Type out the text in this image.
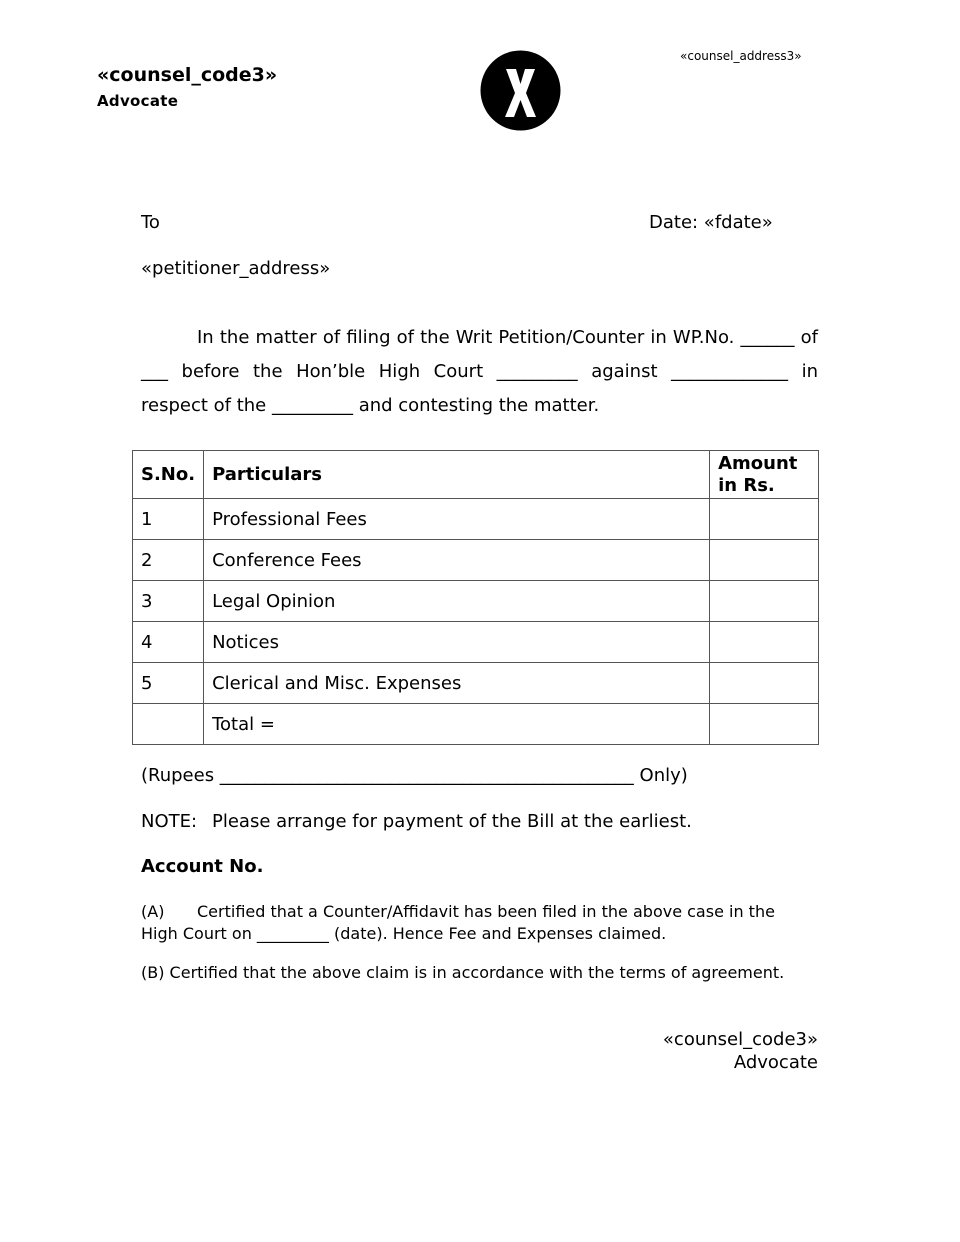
«counsel_code3»
Advocate
«counsel_address3»
To	Date: «fdate»
«petitioner_address»

In the matter of filing of the Writ Petition/Counter in WP.No. ______ of ___ before the Hon’ble High Court _________ against _____________ in respect of the _________ and contesting the matter.

S.No.	Particulars	Amount
in Rs.
1	Professional Fees	
2	Conference Fees	
3	Legal Opinion	
4	Notices	
5	Clerical and Misc. Expenses	
	Total =	
(Rupees ______________________________________________ Only)
NOTE: Please arrange for payment of the Bill at the earliest.
Account No.

(A) Certified that a Counter/Affidavit has been filed in the above case in the High Court on _________ (date). Hence Fee and Expenses claimed.

(B) Certified that the above claim is in accordance with the terms of agreement.
«counsel_code3»
Advocate
